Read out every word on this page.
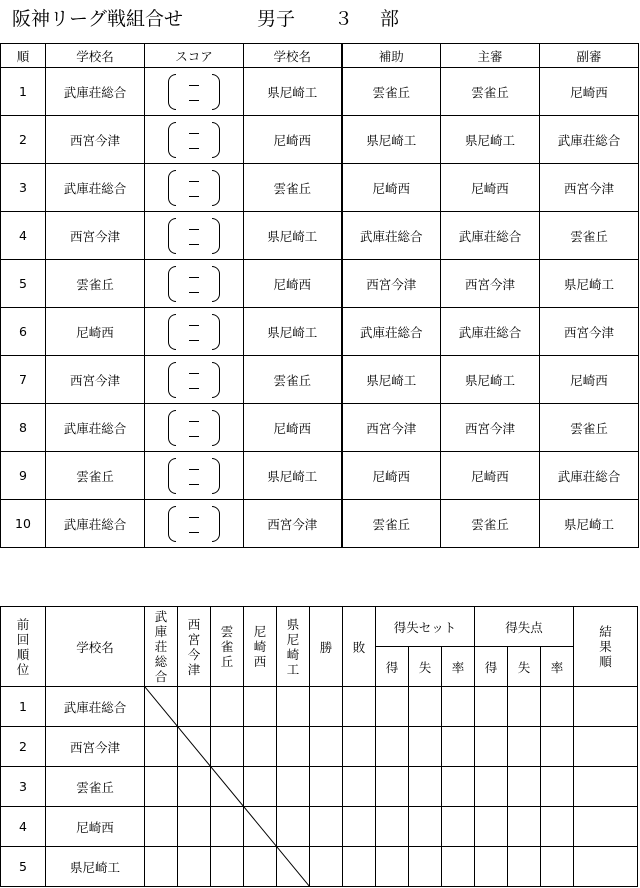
阪神リーグ戦組合せ	男子 ３ 部
順	学校名	スコア	学校名	補助	主審	副審
1	武庫荘総合		県尼崎工	雲雀丘	雲雀丘	尼崎西
2	西宮今津		尼崎西	県尼崎工	県尼崎工	武庫荘総合
3	武庫荘総合		雲雀丘	尼崎西	尼崎西	西宮今津
4	西宮今津		県尼崎工	武庫荘総合	武庫荘総合	雲雀丘
5	雲雀丘		尼崎西	西宮今津	西宮今津	県尼崎工
6	尼崎西		県尼崎工	武庫荘総合	武庫荘総合	西宮今津
7	西宮今津		雲雀丘	県尼崎工	県尼崎工	尼崎西
8	武庫荘総合		尼崎西	西宮今津	西宮今津	雲雀丘
9	雲雀丘		県尼崎工	尼崎西	尼崎西	武庫荘総合
10	武庫荘総合		西宮今津	雲雀丘	雲雀丘	県尼崎工
前回順位	学校名	武庫荘総合	西宮今津	雲雀丘	尼崎西	県尼崎工	勝	敗	得失セット			得失点			結果順
									得	失	率	得	失	率	
1	武庫荘総合														
2	西宮今津														
3	雲雀丘														
4	尼崎西														
5	県尼崎工														
